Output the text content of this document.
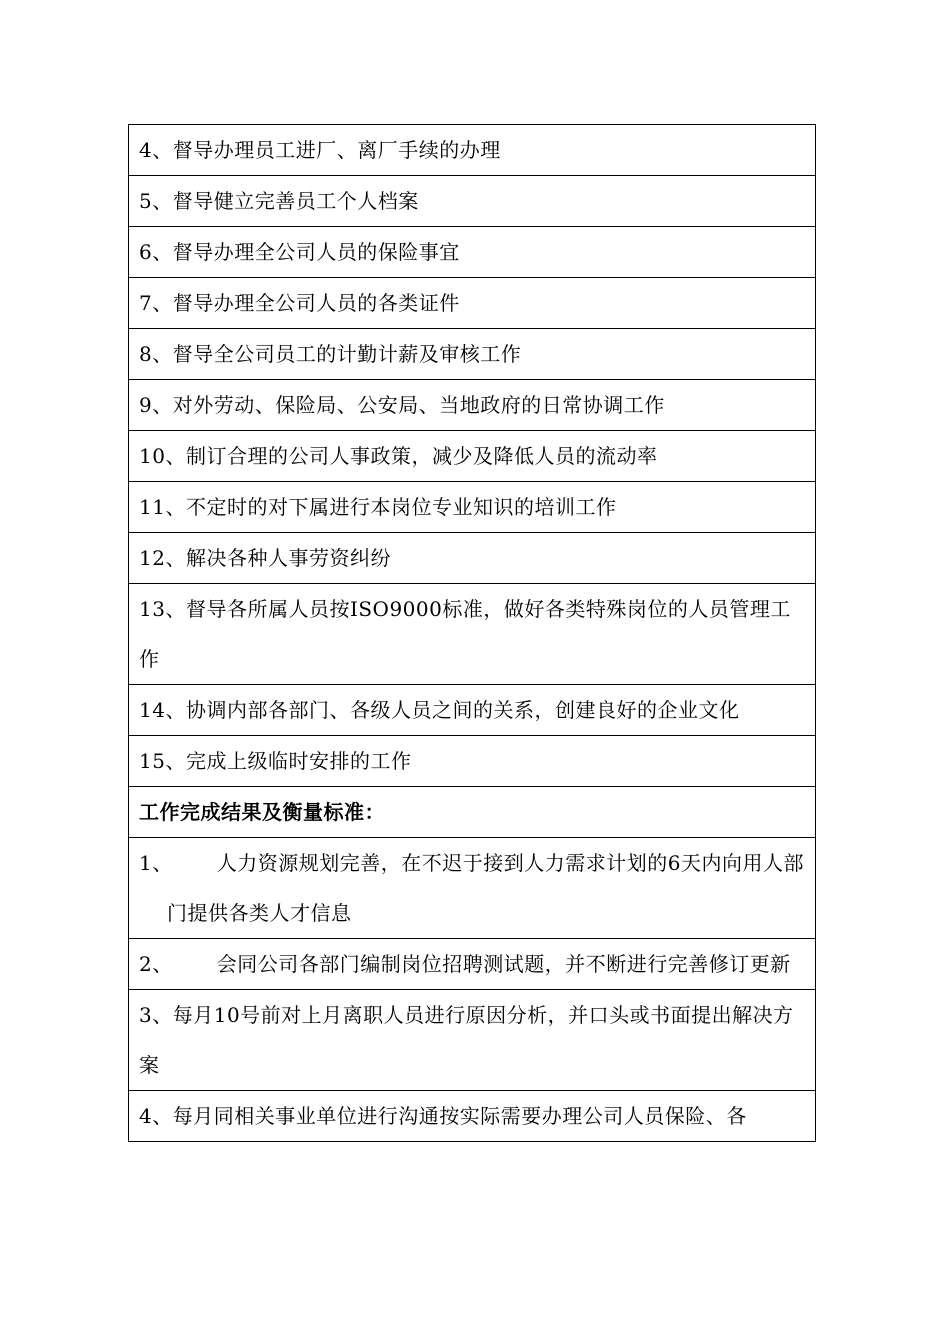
4、督导办理员工进厂、离厂手续的办理
5、督导健立完善员工个人档案
6、督导办理全公司人员的保险事宜
7、督导办理全公司人员的各类证件
8、督导全公司员工的计勤计薪及审核工作
9、对外劳动、保险局、公安局、当地政府的日常协调工作
10、制订合理的公司人事政策，减少及降低人员的流动率
11、不定时的对下属进行本岗位专业知识的培训工作
12、解决各种人事劳资纠纷
13、督导各所属人员按ISO9000标准，做好各类特殊岗位的人员管理工作
14、协调内部各部门、各级人员之间的关系，创建良好的企业文化
15、完成上级临时安排的工作
工作完成结果及衡量标准：

1、 人力资源规划完善，在不迟于接到人力需求计划的6天内向用人部门提供各类人才信息

2、 会同公司各部门编制岗位招聘测试题，并不断进行完善修订更新

3、每月10号前对上月离职人员进行原因分析，并口头或书面提出解决方案
4、每月同相关事业单位进行沟通按实际需要办理公司人员保险、各
